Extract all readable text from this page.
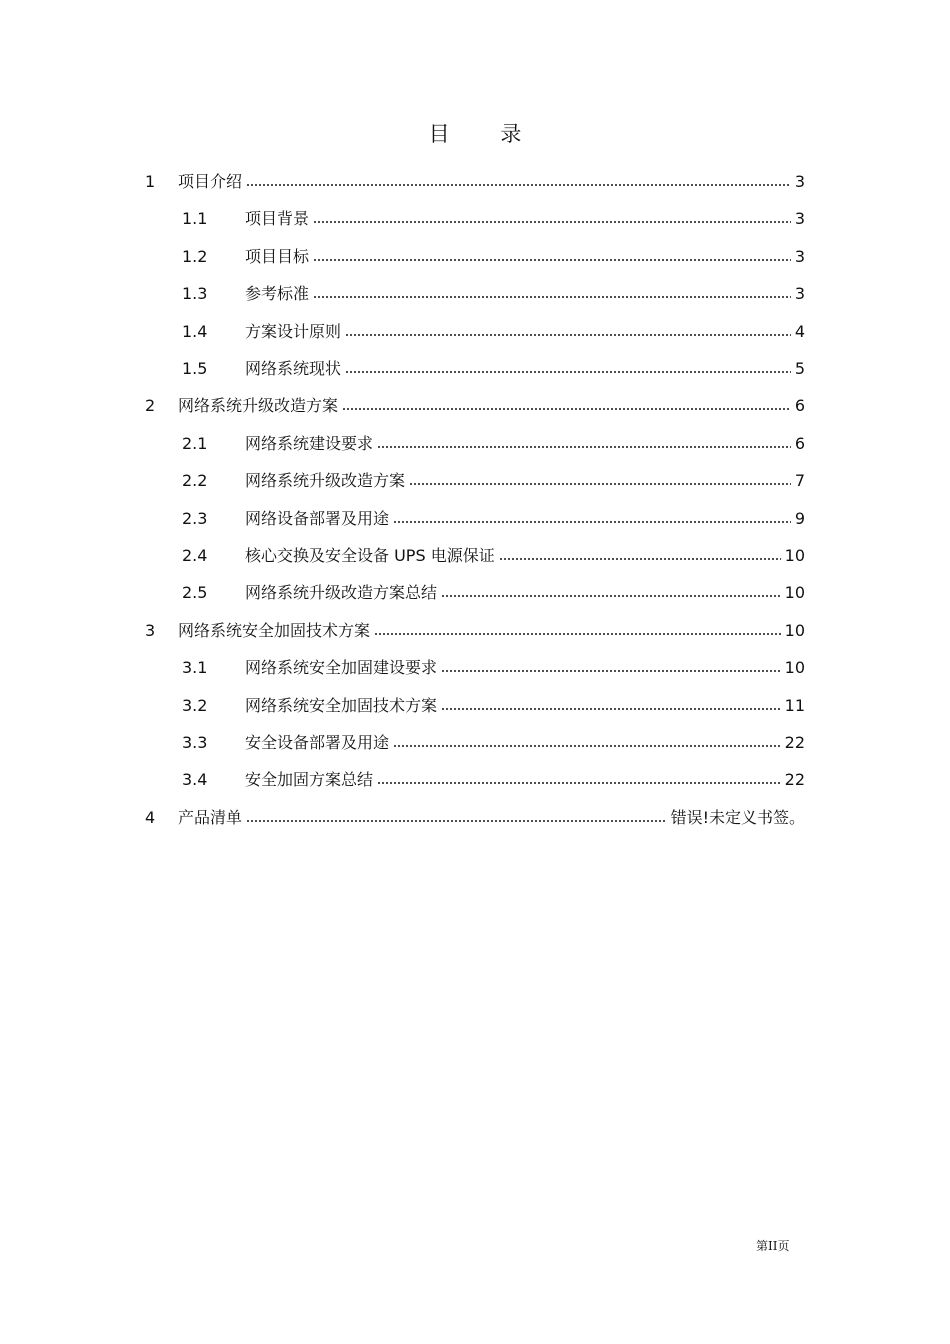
目 录
1 项目介绍	3
1.1 项目背景	3
1.2 项目目标	3
1.3 参考标准	3
1.4 方案设计原则	4
1.5 网络系统现状	5
2 网络系统升级改造方案	6
2.1 网络系统建设要求	6
2.2 网络系统升级改造方案	7
2.3 网络设备部署及用途	9
2.4 核心交换及安全设备 UPS 电源保证	10
2.5 网络系统升级改造方案总结	10
3 网络系统安全加固技术方案	10
3.1 网络系统安全加固建设要求	10
3.2 网络系统安全加固技术方案	11
3.3 安全设备部署及用途	22
3.4 安全加固方案总结	22
4 产品清单	错误!未定义书签。
第II页
